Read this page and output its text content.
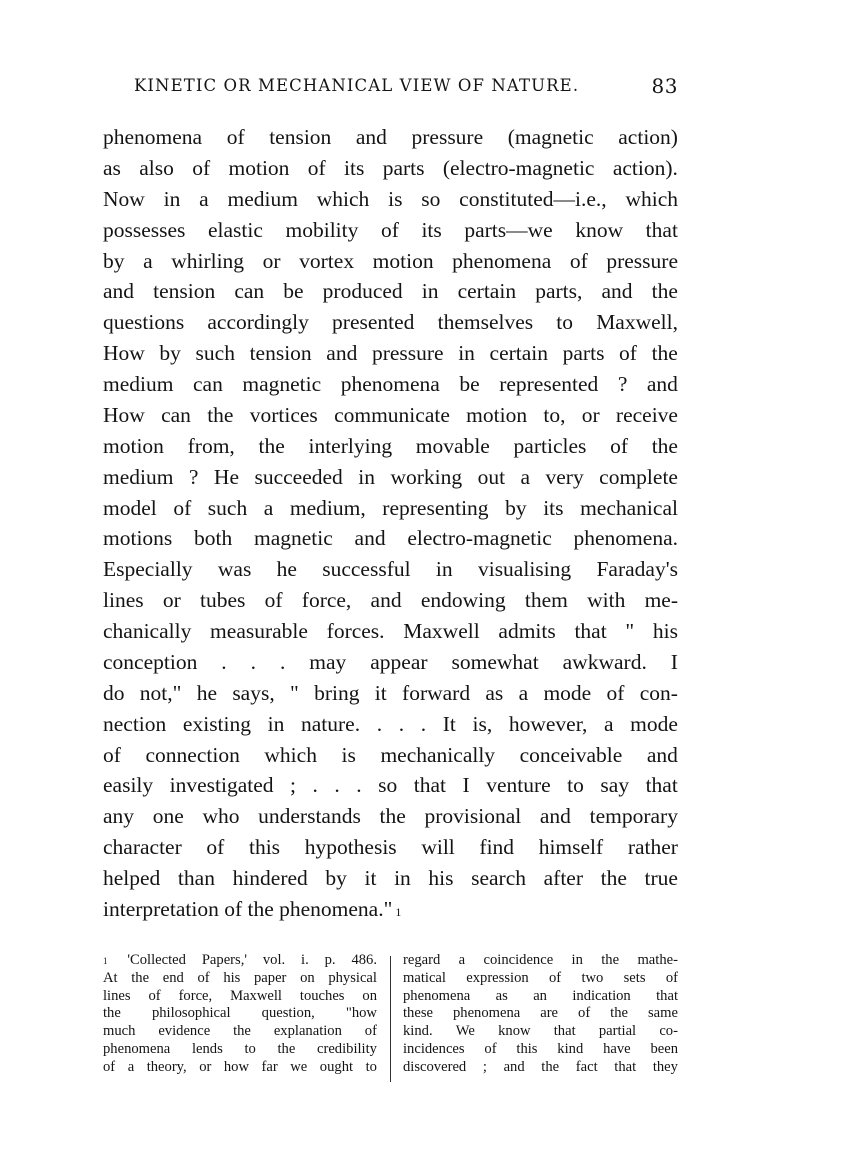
KINETIC OR MECHANICAL VIEW OF NATURE.	83
phenomena of tension and pressure (magnetic action)
as also of motion of its parts (electro-magnetic action).
Now in a medium which is so constituted—i.e., which
possesses elastic mobility of its parts—we know that
by a whirling or vortex motion phenomena of pressure
and tension can be produced in certain parts, and the
questions accordingly presented themselves to Maxwell,
How by such tension and pressure in certain parts of the
medium can magnetic phenomena be represented ? and
How can the vortices communicate motion to, or receive
motion from, the interlying movable particles of the
medium ? He succeeded in working out a very complete
model of such a medium, representing by its mechanical
motions both magnetic and electro-magnetic phenomena.
Especially was he successful in visualising Faraday's
lines or tubes of force, and endowing them with me-
chanically measurable forces. Maxwell admits that " his
conception . . . may appear somewhat awkward. I
do not," he says, " bring it forward as a mode of con-
nection existing in nature. . . . It is, however, a mode
of connection which is mechanically conceivable and
easily investigated ; . . . so that I venture to say that
any one who understands the provisional and temporary
character of this hypothesis will find himself rather
helped than hindered by it in his search after the true
interpretation of the phenomena." 1
1 'Collected Papers,' vol. i. p. 486.
At the end of his paper on physical
lines of force, Maxwell touches on
the philosophical question, "how
much evidence the explanation of
phenomena lends to the credibility
of a theory, or how far we ought to
regard a coincidence in the mathe-
matical expression of two sets of
phenomena as an indication that
these phenomena are of the same
kind. We know that partial co-
incidences of this kind have been
discovered ; and the fact that they
